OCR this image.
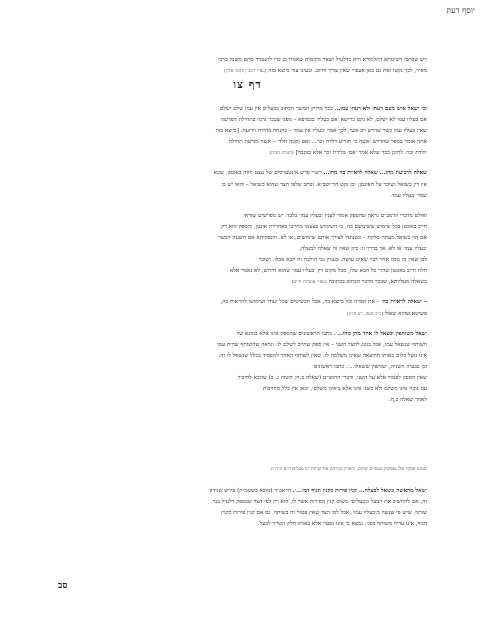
יוסף דעת

ויש שכתבו דשיטתא דתלמודא היא כדלעיל ושאר מקומות שאמרו כן כדי להעמיד סתם משנה כרבי

מאיר, לכך נקטו זאת גם כאן אעפ״י שאין צורך וחיוב. וכעינו עוד כיוצא בזה (עפ״י רמב״ן ותוס׳ אלה)

דף צו

וכי ישאל איש מעם רעהו ולא רעהו עמו... בכך מדויק המשך הכתוב בבעלים אין עמו שלם ישלם.

אם בעליו עמו לא ישלם, לא נקט כרישא ׳אם בעליו׳ בכסיפא – מפני שכבר נרמז בתחילת הפרשה

שאין בעליו עמו כשר שדרש רב אשי, לכך אמר ׳בעליו אין עמו׳ – כהנחה בהירה וידועה. [כיוצא בזה

אתה אומר בספר שהדרש ׳אשה כי תזריע וילדה זכר... ואם נקבה תלד׳ – אשה מזרעת תחילה

יולדת זכר. להיכן בכך שלא אמר ׳אם׳ בלידת זכר אלא בנקבה] (חנוכת הבית)

שאלה לרביעת מהו... שאלה לראיית בה מהו... רש״י פרש אינטערסים של עצם חוזה באונטן, שכא

אין דין כשואל ושוכר על האונטן; וכן נקט הר״יטב״א. וכתב שלפי הצד שהוא כשואל – והאי יש בו

שמר ׳בעליו עמו׳.

ואולם מדברי הרמב״ם נראה שהספק אמור לענין ׳בעליו עמו׳ בלבד. יש מפרשים שודאי

חייב באונטן בכל שימוש ששימשם בה, כי השימוש בעצמו מחייבו באחריות אונטן, והספק הוא רק

אם הוי כשואל מעתה סלקת – כשנוטל לצורך אותם שימושים, או לא. והנפקותא אם השעה הכשר

׳בעליו עמו׳ או לא. אך בדרך זו: כיון שאין זה שאלה למעלה,

לכן שאין זה גובה אחר דבר שאינו עושה. בעניין גבי הולכה זה הבא אכלו. ושוכר

תלה חייב באונטן שהרי כל הבא שלו, מכל מקום דין ׳בעליו עמו׳ שהוא חידוש, לא נאמר אלא

בשאלה מעליותא, שבכך מדבר הכתוב בכתובה (עפ״י אוצרות חיים)

– ׳שאלה לראיית בה׳ – את הפרה וכל כיוצא בה, אבל תכשיטים שכל יעודו ושימושו להראות בה,

פשיטא שהוא שאול (כ״כ מטה, רע תו׳ת)

׳שאל משותפין ונשאל לו אחד מהן מהו...׳. כתבו הראשונים שהספק אינו אלא בגוונא של

השותף שנשאל עמו, אבל בגונג להצד השני – אין ספק שחייב לשלם לו. ונראה שהשותף שהיה עמו

אינו נוטל כלום באותו ההוצאה שאינו משלמה לו. שאין לשותף האחר להפסיד בכלל שנשאל לו זה.

וכן בבעיה השניה, ׳שותפין ששאלו...׳. כתבו ראשונים

שאין הספק לפטור אלא על השני, ודברי הרמב״ם (שאלה ב,ח; השוה ג, ב) שהבא לחיבור

עם נוכח אינו משלם ולא בשני אינו אלא ב׳אינו משלם׳, וכאן אין כלל מחויבות

לאחר שאלה ב,ח.

שמגנו פסקיו אלו נפסקוק בנעניים שונים. וראויין בגרונים אלו שיחת רב פעלים ה״א ה״ח ח.

׳שאל מהאשה ונשאל לבעלה... קנין פירות כקנין הגוף דמי...׳. הראב״ד (מובא בשטמ״ק) פירש שנידון

זה, אם להחשיב את הבעל כ׳בעלים׳ משום קנין הפירות אשר לו, הוא רק לפי הצד שבספק דלעיל בגר

שותף, שיש פי שנשה מ׳בעליו עמו׳, אבל לפי הצד שאין פטור זה בשותף, גם אם קנין פירות כקנין

הגוף, אינו עדיף משותף בפני. נמצא כי אינו נפטר אלא באותו חלק השייך לבעל.

סב
